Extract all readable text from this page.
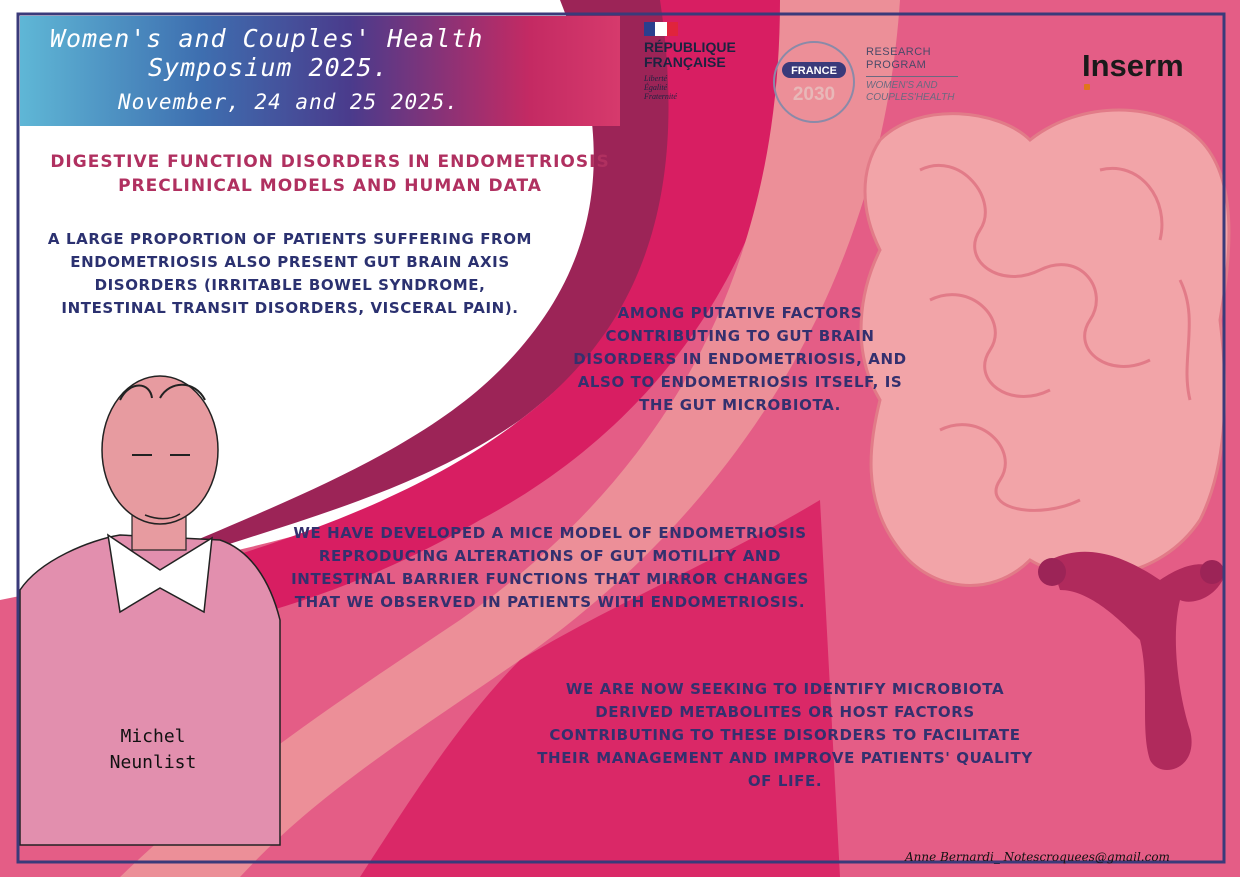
Women's and Couples' Health
Symposium 2025.
November, 24 and 25 2025.
RÉPUBLIQUE
FRANÇAISE
Liberté
Égalité
Fraternité
FRANCE
2030
RESEARCH
PROGRAM
WOMEN'S AND
COUPLES'HEALTH
Inserm
DIGESTIVE FUNCTION DISORDERS IN ENDOMETRIOSIS
PRECLINICAL MODELS AND HUMAN DATA
A LARGE PROPORTION OF PATIENTS SUFFERING FROM ENDOMETRIOSIS ALSO PRESENT GUT BRAIN AXIS DISORDERS (IRRITABLE BOWEL SYNDROME, INTESTINAL TRANSIT DISORDERS, VISCERAL PAIN).	AMONG PUTATIVE FACTORS CONTRIBUTING TO GUT BRAIN DISORDERS IN ENDOMETRIOSIS, AND ALSO TO ENDOMETRIOSIS ITSELF, IS THE GUT MICROBIOTA.
WE HAVE DEVELOPED A MICE MODEL OF ENDOMETRIOSIS REPRODUCING ALTERATIONS OF GUT MOTILITY AND INTESTINAL BARRIER FUNCTIONS THAT MIRROR CHANGES THAT WE OBSERVED IN PATIENTS WITH ENDOMETRIOSIS.
WE ARE NOW SEEKING TO IDENTIFY MICROBIOTA DERIVED METABOLITES OR HOST FACTORS CONTRIBUTING TO THESE DISORDERS TO FACILITATE THEIR MANAGEMENT AND IMPROVE PATIENTS' QUALITY OF LIFE.
Michel
Neunlist
Anne Bernardi_ Notescroquees@gmail.com
